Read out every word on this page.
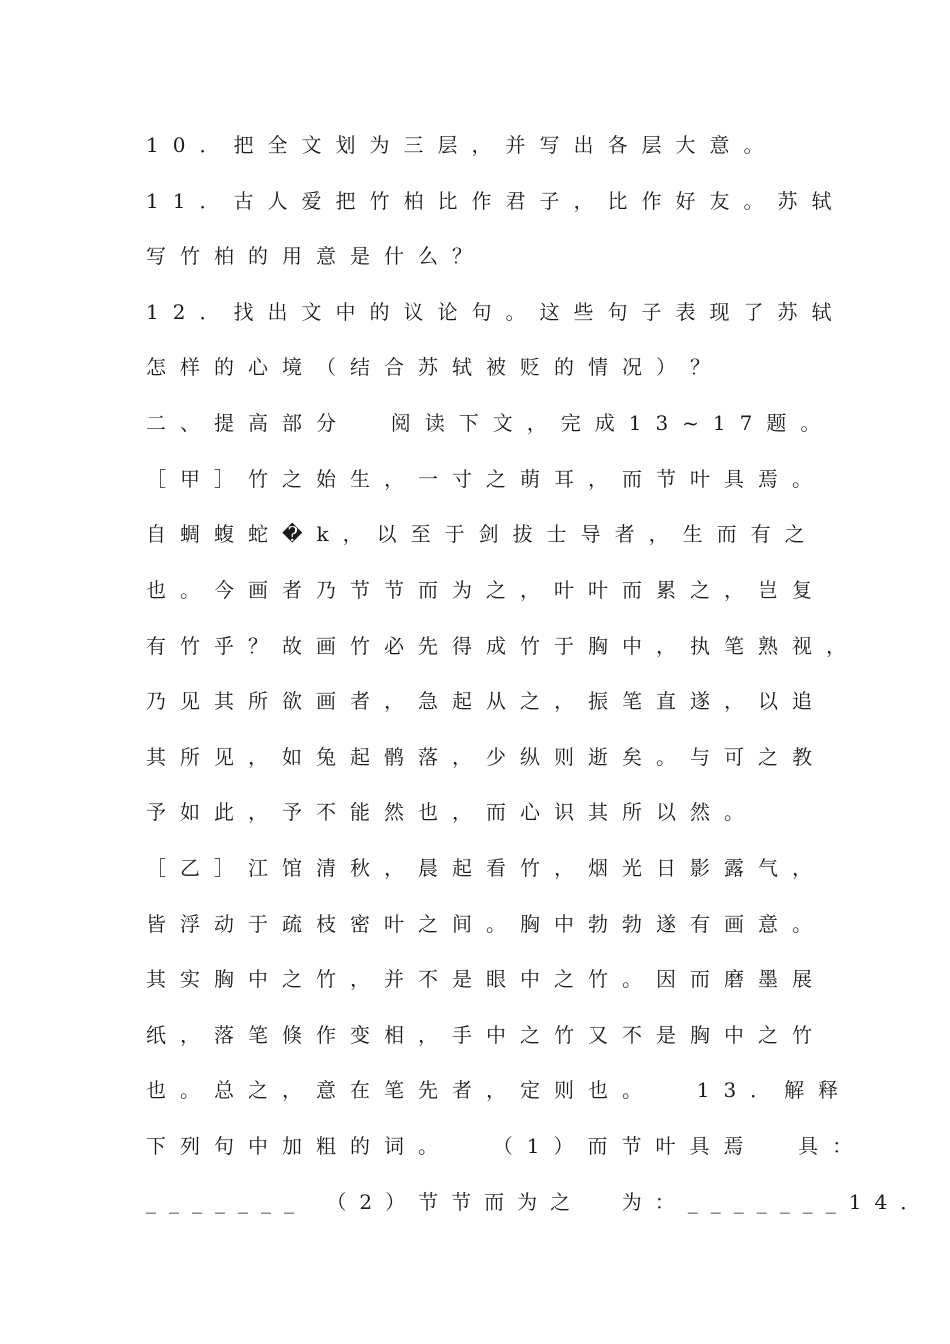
10．把全文划为三层，并写出各层大意。
11．古人爱把竹柏比作君子，比作好友。苏轼
写竹柏的用意是什么？
12．找出文中的议论句。这些句子表现了苏轼
怎样的心境（结合苏轼被贬的情况）？
二、提高部分  阅读下文，完成13~17题。
［甲］竹之始生，一寸之萌耳，而节叶具焉。
自蜩蝮蛇�k，以至于剑拔士导者，生而有之
也。今画者乃节节而为之，叶叶而累之，岂复
有竹乎？故画竹必先得成竹于胸中，执笔熟视，
乃见其所欲画者，急起从之，振笔直遂，以追
其所见，如兔起鹘落，少纵则逝矣。与可之教
予如此，予不能然也，而心识其所以然。
［乙］江馆清秋，晨起看竹，烟光日影露气，
皆浮动于疏枝密叶之间。胸中勃勃遂有画意。
其实胸中之竹，并不是眼中之竹。因而磨墨展
纸，落笔倏作变相，手中之竹又不是胸中之竹
也。总之，意在笔先者，定则也。  13．解释
下列句中加粗的词。  （1）而节叶具焉  具：
_______ （2）节节而为之  为：_______14．
